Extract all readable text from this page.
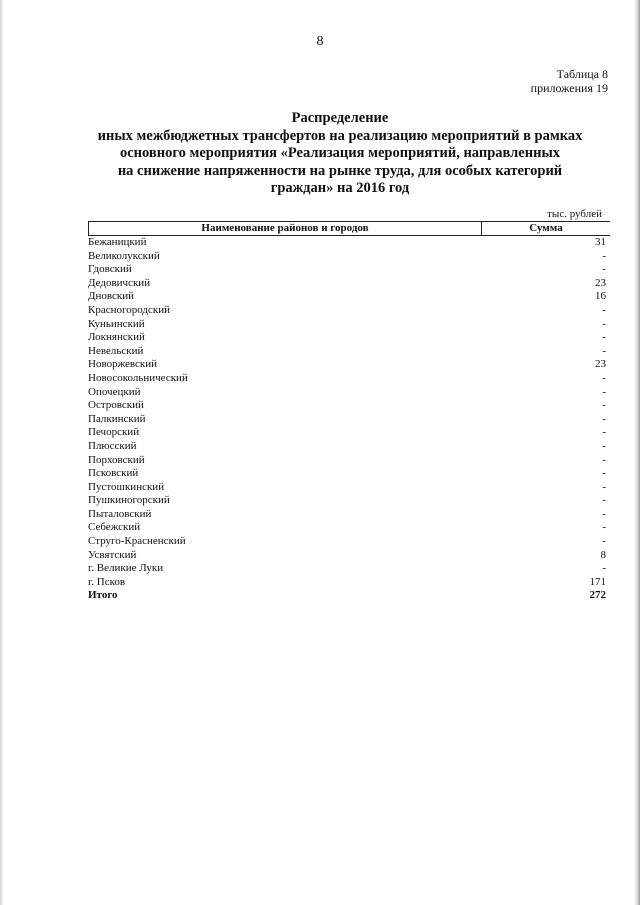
8
Таблица 8
приложения 19
Распределение
иных межбюджетных трансфертов на реализацию мероприятий в рамках
основного мероприятия «Реализация мероприятий, направленных
на снижение напряженности на рынке труда, для особых категорий
граждан» на 2016 год
тыс. рублей
Наименование районов и городов	Сумма
Бежаницкий	31
Великолукский	-
Гдовский	-
Дедовичский	23
Дновский	16
Красногородский	-
Куньинский	-
Локнянский	-
Невельский	-
Новоржевский	23
Новосокольнический	-
Опочецкий	-
Островский	-
Палкинский	-
Печорский	-
Плюсский	-
Порховский	-
Псковский	-
Пустошкинский	-
Пушкиногорский	-
Пыталовский	-
Себежский	-
Струго-Красненский	-
Усвятский	8
г. Великие Луки	-
г. Псков	171
Итого	272
